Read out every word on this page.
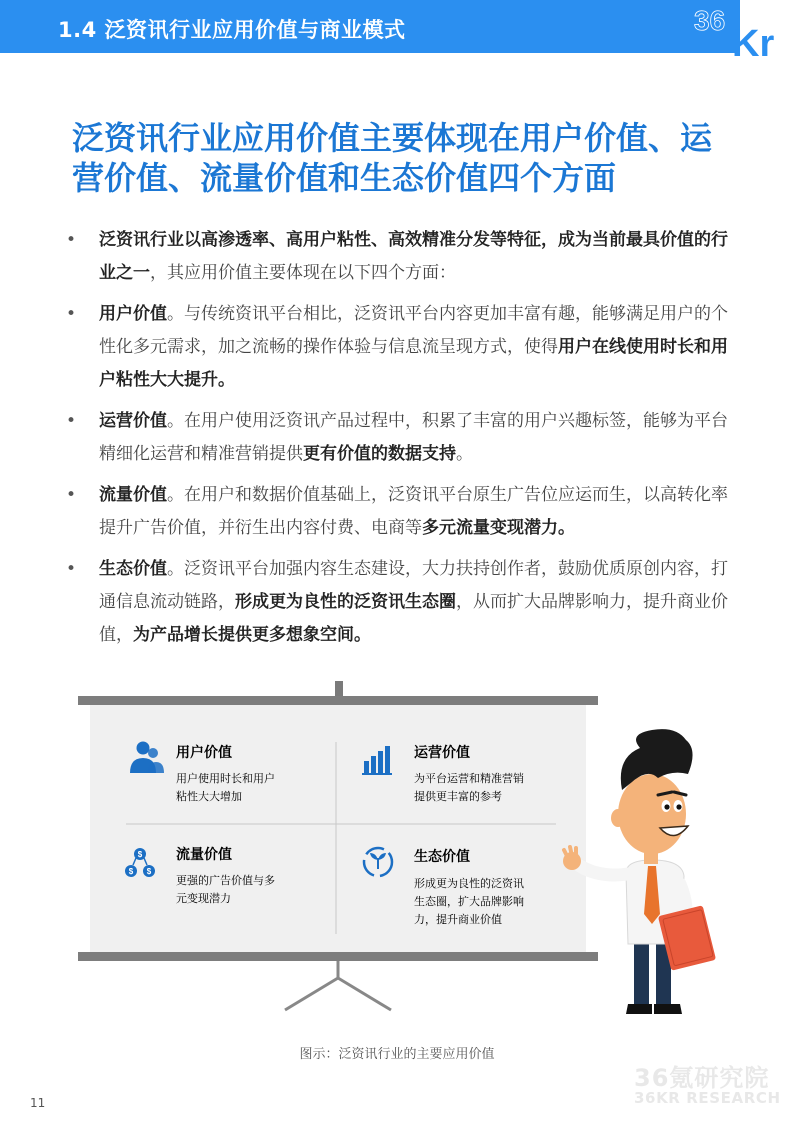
1.4 泛资讯行业应用价值与商业模式	36
Kr
泛资讯行业应用价值主要体现在用户价值、运
营价值、流量价值和生态价值四个方面
• 泛资讯行业以高渗透率、高用户粘性、高效精准分发等特征，成为当前最具价值的行业之一，其应用价值主要体现在以下四个方面：
• 用户价值。与传统资讯平台相比，泛资讯平台内容更加丰富有趣，能够满足用户的个性化多元需求，加之流畅的操作体验与信息流呈现方式，使得用户在线使用时长和用户粘性大大提升。
• 运营价值。在用户使用泛资讯产品过程中，积累了丰富的用户兴趣标签，能够为平台精细化运营和精准营销提供更有价值的数据支持。
• 流量价值。在用户和数据价值基础上，泛资讯平台原生广告位应运而生，以高转化率提升广告价值，并衍生出内容付费、电商等多元流量变现潜力。
• 生态价值。泛资讯平台加强内容生态建设，大力扶持创作者，鼓励优质原创内容，打通信息流动链路，形成更为良性的泛资讯生态圈，从而扩大品牌影响力，提升商业价值，为产品增长提供更多想象空间。
用户价值
用户使用时长和用户
粘性大大增加
运营价值
为平台运营和精准营销
提供更丰富的参考
$
$ $
流量价值
更强的广告价值与多
元变现潜力
生态价值
形成更为良性的泛资讯
生态圈，扩大品牌影响
力，提升商业价值
图示：泛资讯行业的主要应用价值
36氪研究院
36KR RESEARCH
11
